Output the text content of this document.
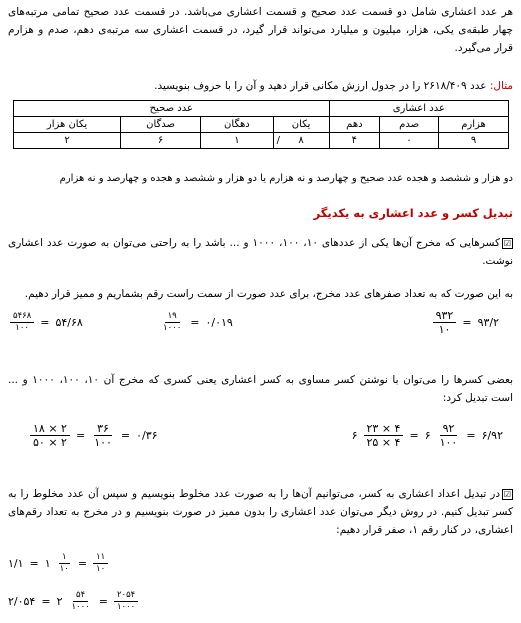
هر عدد اعشاری شامل دو قسمت عدد صحیح و قسمت اعشاری می‌باشد. در قسمت عدد صحیح تمامی مرتبه‌های چهار طبقه‌ی یکی، هزار، میلیون و میلیارد می‌تواند قرار گیرد، در قسمت اعشاری سه مرتبه‌ی دهم، صدم و هزارم قرار می‌گیرد.
مثال: عدد ۲۶۱۸/۴۰۹ را در جدول ارزش مکانی قرار دهید و آن را با حروف بنویسید.
عدد اعشاری			عدد صحیح			
هزارم	صدم	دهم	یکان	دهگان	صدگان	یکان هزار
۹	۰	۴	/ ۸	۱	۶	۲
دو هزار و ششصد و هجده عدد صحیح و چهارصد و نه هزارم یا دو هزار و ششصد و هجده و چهارصد و نه هزارم
تبدیل کسر و عدد اعشاری به یکدیگر
☑کسرهایی که مخرج آن‌ها یکی از عددهای ۱۰، ۱۰۰، ۱۰۰۰ و ... باشد را به راحتی می‌توان به صورت عدد اعشاری نوشت.
به این صورت که به تعداد صفرهای عدد مخرج، برای عدد صورت از سمت راست رقم بشماریم و ممیز قرار دهیم.
$\frac{۹۳۲}{۱۰}$ = ۹۳/۲
$\frac{۱۹}{۱۰۰۰}$ = ۰/۰۱۹
$\frac{۵۴۶۸}{۱۰۰}$ = ۵۴/۶۸
بعضی کسرها را می‌توان با نوشتن کسر مساوی به کسر اعشاری یعنی کسری که مخرج آن ۱۰، ۱۰۰، ۱۰۰۰ و ... است تبدیل کرد:
۶ $\frac{۲۳ \times ۴}{۲۵ \times ۴}$ = ۶ $\frac{۹۲}{۱۰۰}$ = ۶/۹۲
$\frac{۱۸ \times ۲}{۵۰ \times ۲} = \frac{۳۶}{۱۰۰}$ = ۰/۳۶
☑در تبدیل اعداد اعشاری به کسر، می‌توانیم آن‌ها را به صورت عدد مخلوط بنویسیم و سپس آن عدد مخلوط را به کسر تبدیل کنیم. در روش دیگر می‌توان عدد اعشاری را بدون ممیز در صورت بنویسیم و در مخرج به تعداد رقم‌های اعشاری، در کنار رقم ۱، صفر قرار دهیم:
۱/۱ = ۱ $\frac{۱}{۱۰} = \frac{۱۱}{۱۰}$
۲/۰۵۴ = ۲ $\frac{۵۴}{۱۰۰۰} = \frac{۲۰۵۴}{۱۰۰۰}$
